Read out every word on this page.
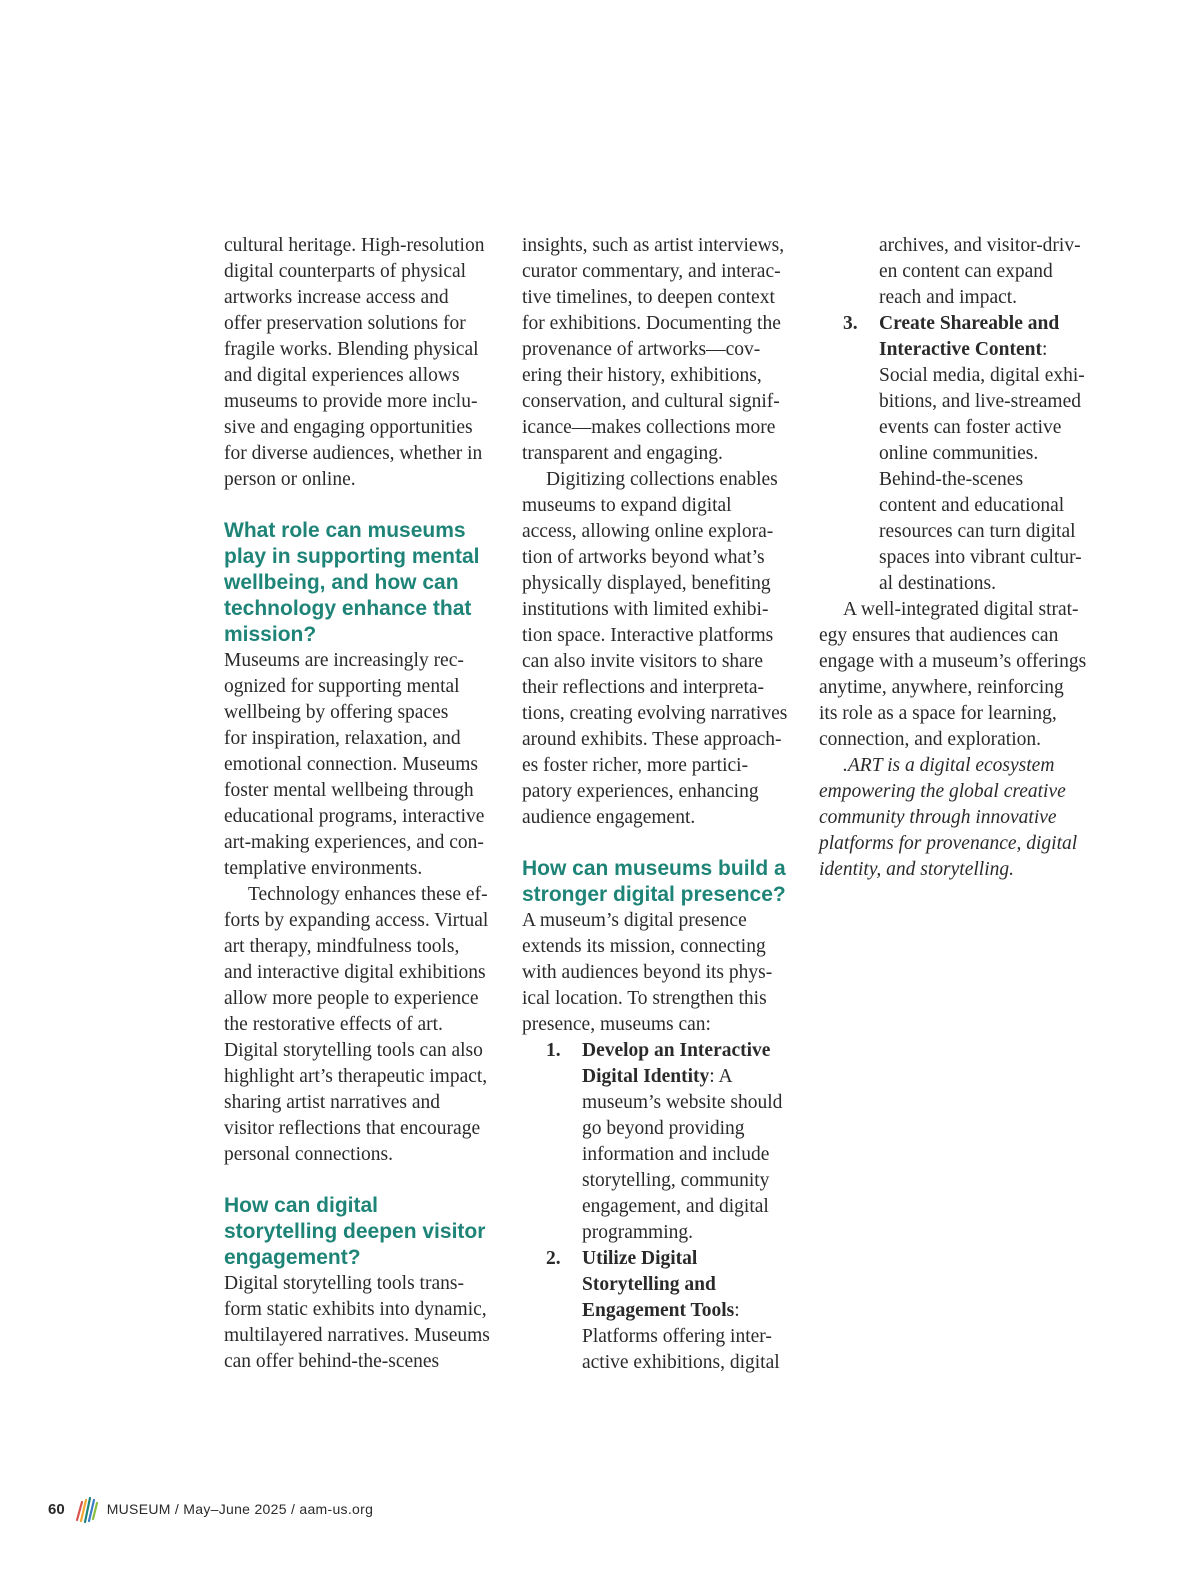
cultural heritage. High-resolution
digital counterparts of physical
artworks increase access and
offer preservation solutions for
fragile works. Blending physical
and digital experiences allows
museums to provide more inclu-
sive and engaging opportunities
for diverse audiences, whether in
person or online.
What role can museums
play in supporting mental
wellbeing, and how can
technology enhance that
mission?
Museums are increasingly rec-
ognized for supporting mental
wellbeing by offering spaces
for inspiration, relaxation, and
emotional connection. Museums
foster mental wellbeing through
educational programs, interactive
art-making experiences, and con-
templative environments.
Technology enhances these ef-
forts by expanding access. Virtual
art therapy, mindfulness tools,
and interactive digital exhibitions
allow more people to experience
the restorative effects of art.
Digital storytelling tools can also
highlight art’s therapeutic impact,
sharing artist narratives and
visitor reflections that encourage
personal connections.
How can digital
storytelling deepen visitor
engagement?
Digital storytelling tools trans-
form static exhibits into dynamic,
multilayered narratives. Museums
can offer behind-the-scenes
insights, such as artist interviews,
curator commentary, and interac-
tive timelines, to deepen context
for exhibitions. Documenting the
provenance of artworks—cov-
ering their history, exhibitions,
conservation, and cultural signif-
icance—makes collections more
transparent and engaging.
Digitizing collections enables
museums to expand digital
access, allowing online explora-
tion of artworks beyond what’s
physically displayed, benefiting
institutions with limited exhibi-
tion space. Interactive platforms
can also invite visitors to share
their reflections and interpreta-
tions, creating evolving narratives
around exhibits. These approach-
es foster richer, more partici-
patory experiences, enhancing
audience engagement.
How can museums build a
stronger digital presence?
A museum’s digital presence
extends its mission, connecting
with audiences beyond its phys-
ical location. To strengthen this
presence, museums can:
1. Develop an Interactive
Digital Identity: A
museum’s website should
go beyond providing
information and include
storytelling, community
engagement, and digital
programming.
2. Utilize Digital
Storytelling and
Engagement Tools:
Platforms offering inter-
active exhibitions, digital
archives, and visitor-driv-
en content can expand
reach and impact.
3. Create Shareable and
Interactive Content:
Social media, digital exhi-
bitions, and live-streamed
events can foster active
online communities.
Behind-the-scenes
content and educational
resources can turn digital
spaces into vibrant cultur-
al destinations.
A well-integrated digital strat-
egy ensures that audiences can
engage with a museum’s offerings
anytime, anywhere, reinforcing
its role as a space for learning,
connection, and exploration.
.ART is a digital ecosystem
empowering the global creative
community through innovative
platforms for provenance, digital
identity, and storytelling.
60	MUSEUM / May–June 2025 / aam-us.org
